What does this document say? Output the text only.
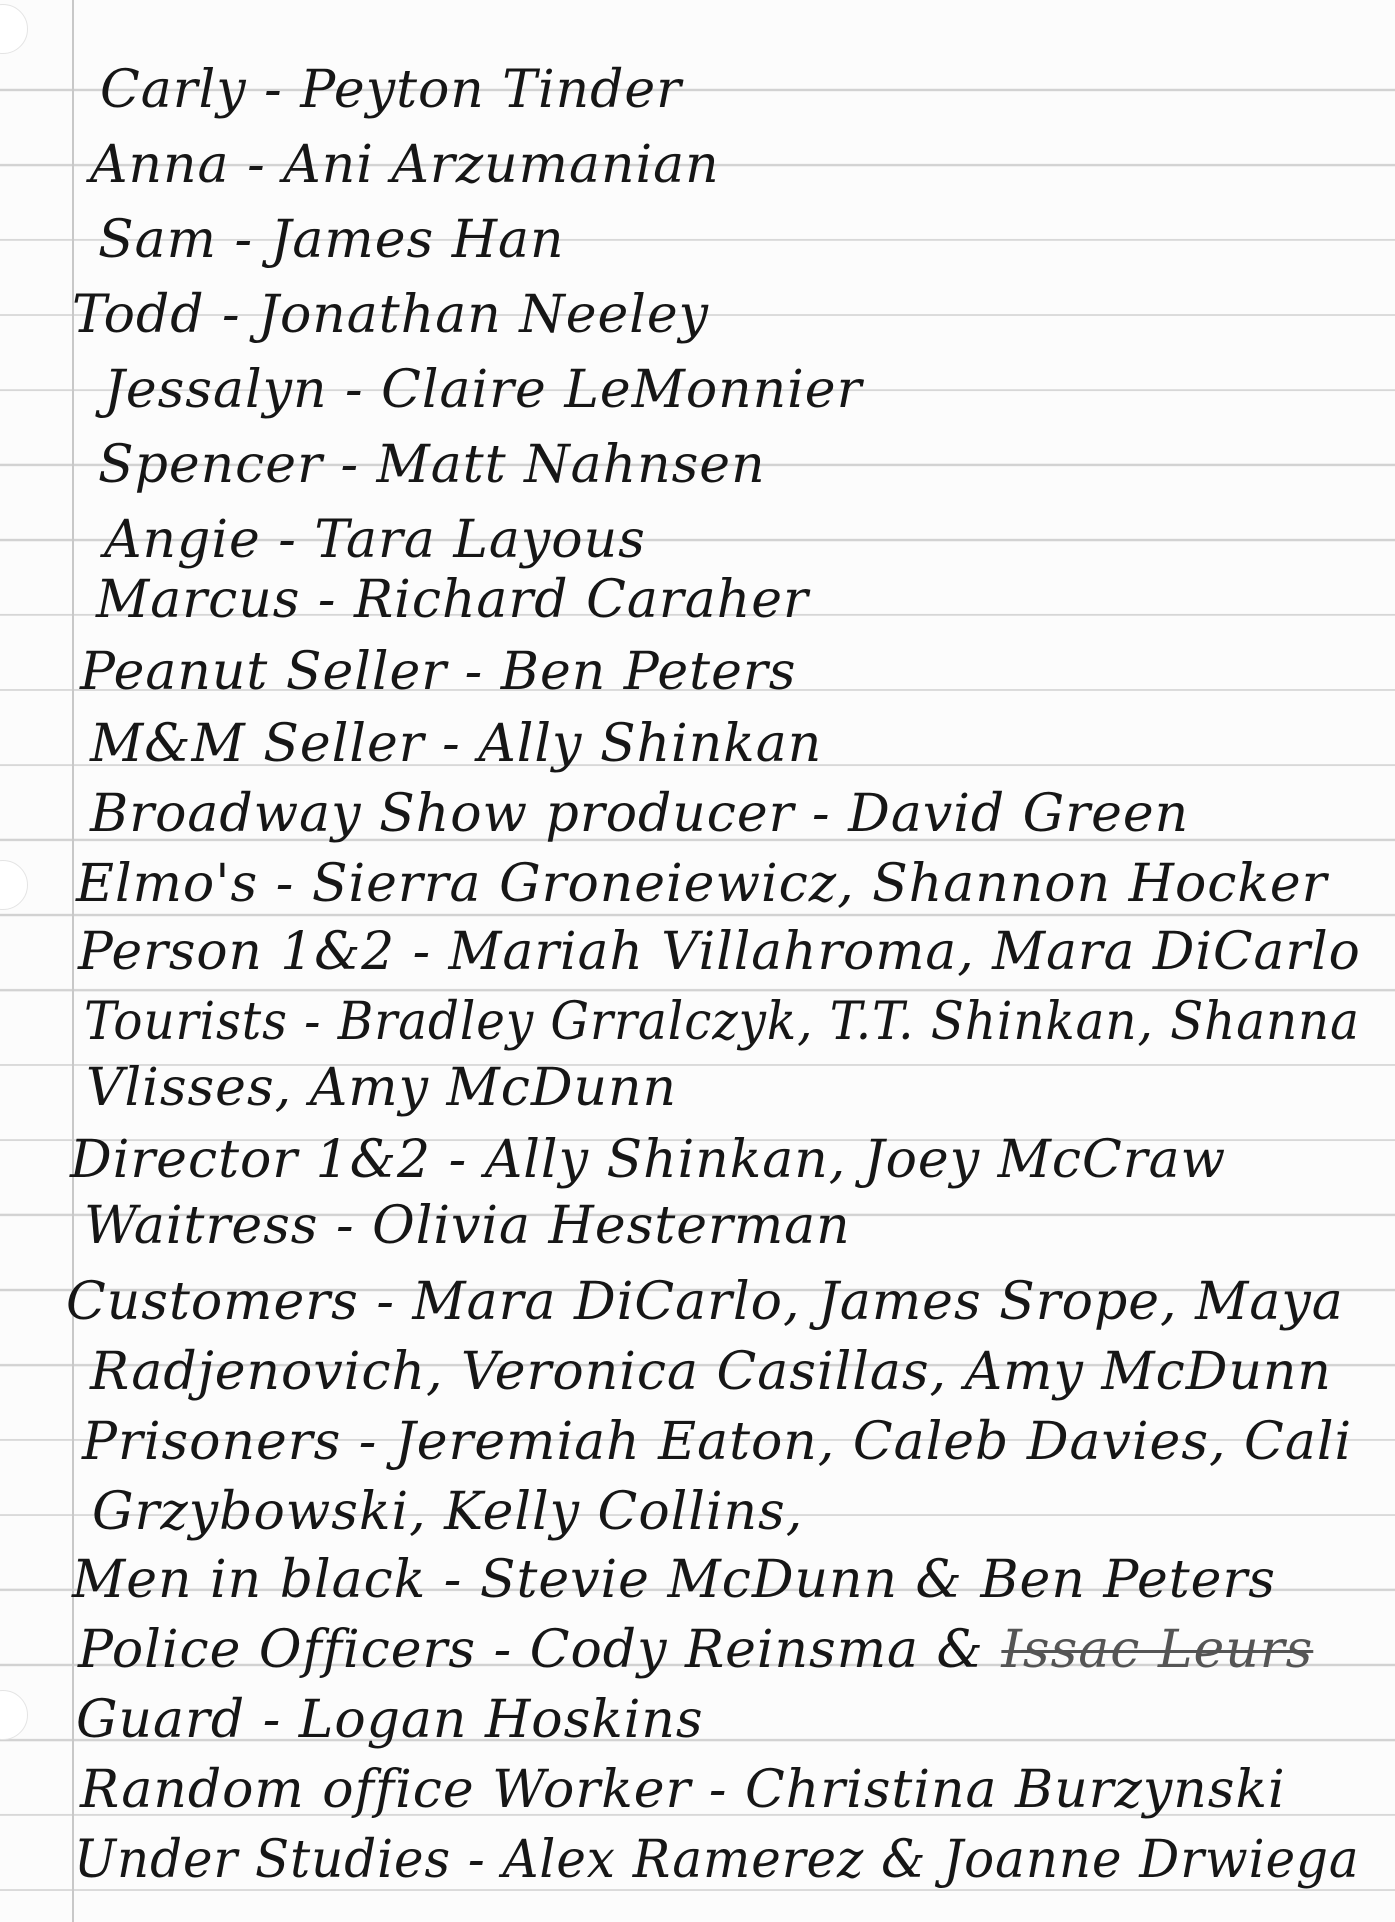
Carly - Peyton Tinder
Anna - Ani Arzumanian
Sam - James Han
Todd - Jonathan Neeley
Jessalyn - Claire LeMonnier
Spencer - Matt Nahnsen
Angie - Tara Layous
Marcus - Richard Caraher
Peanut Seller - Ben Peters
M&M Seller - Ally Shinkan
Broadway Show producer - David Green
Elmo's - Sierra Groneiewicz, Shannon Hocker
Person 1&2 - Mariah Villahroma, Mara DiCarlo
Tourists - Bradley Grralczyk, T.T. Shinkan, Shanna
Vlisses, Amy McDunn
Director 1&2 - Ally Shinkan, Joey McCraw
Waitress - Olivia Hesterman
Customers - Mara DiCarlo, James Srope, Maya
Radjenovich, Veronica Casillas, Amy McDunn
Prisoners - Jeremiah Eaton, Caleb Davies, Cali
Grzybowski, Kelly Collins,
Men in black - Stevie McDunn & Ben Peters
Police Officers - Cody Reinsma & Issac Leurs
Guard - Logan Hoskins
Random office Worker - Christina Burzynski
Under Studies - Alex Ramerez & Joanne Drwiega
